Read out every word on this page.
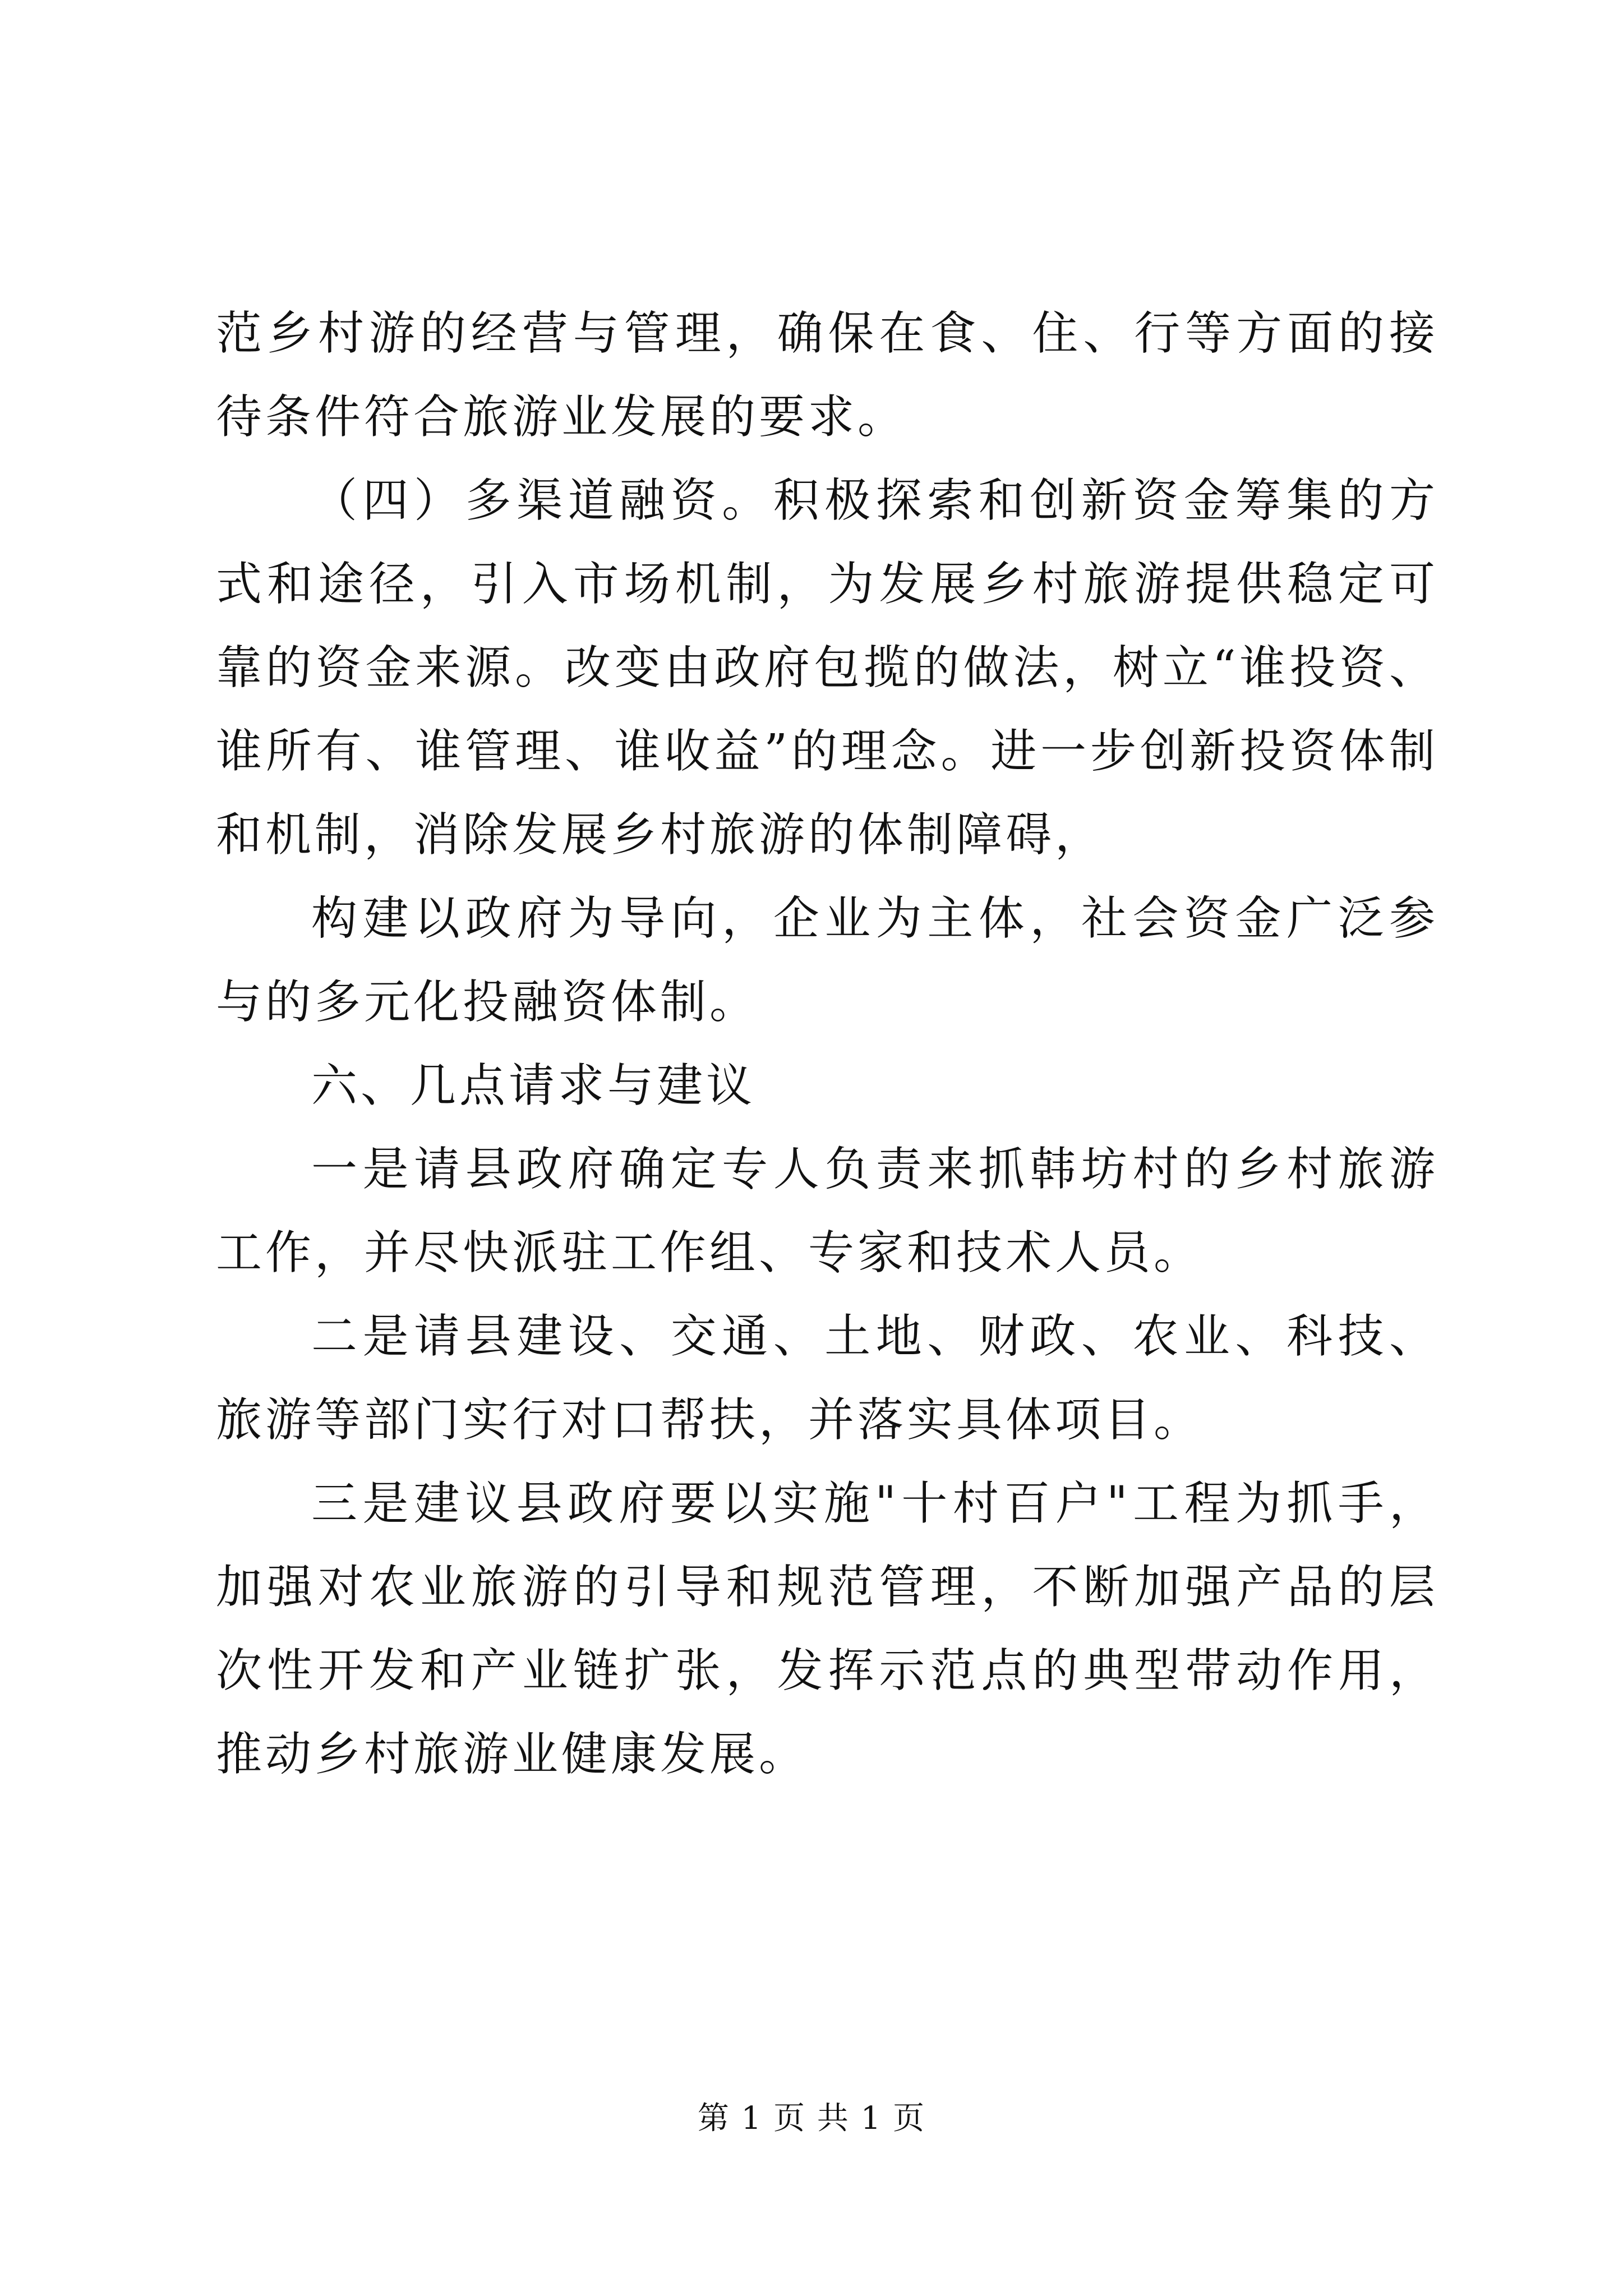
范乡村游的经营与管理，确保在食、住、行等方面的接待条件符合旅游业发展的要求。

（四）多渠道融资。积极探索和创新资金筹集的方式和途径，引入市场机制，为发展乡村旅游提供稳定可靠的资金来源。改变由政府包揽的做法，树立“谁投资、谁所有、谁管理、谁收益”的理念。进一步创新投资体制和机制，消除发展乡村旅游的体制障碍，

构建以政府为导向，企业为主体，社会资金广泛参与的多元化投融资体制。

六、几点请求与建议

一是请县政府确定专人负责来抓韩坊村的乡村旅游工作，并尽快派驻工作组、专家和技术人员。

二是请县建设、交通、土地、财政、农业、科技、旅游等部门实行对口帮扶，并落实具体项目。

三是建议县政府要以实施"十村百户"工程为抓手，加强对农业旅游的引导和规范管理，不断加强产品的层次性开发和产业链扩张，发挥示范点的典型带动作用，推动乡村旅游业健康发展。

第 1 页 共 1 页
